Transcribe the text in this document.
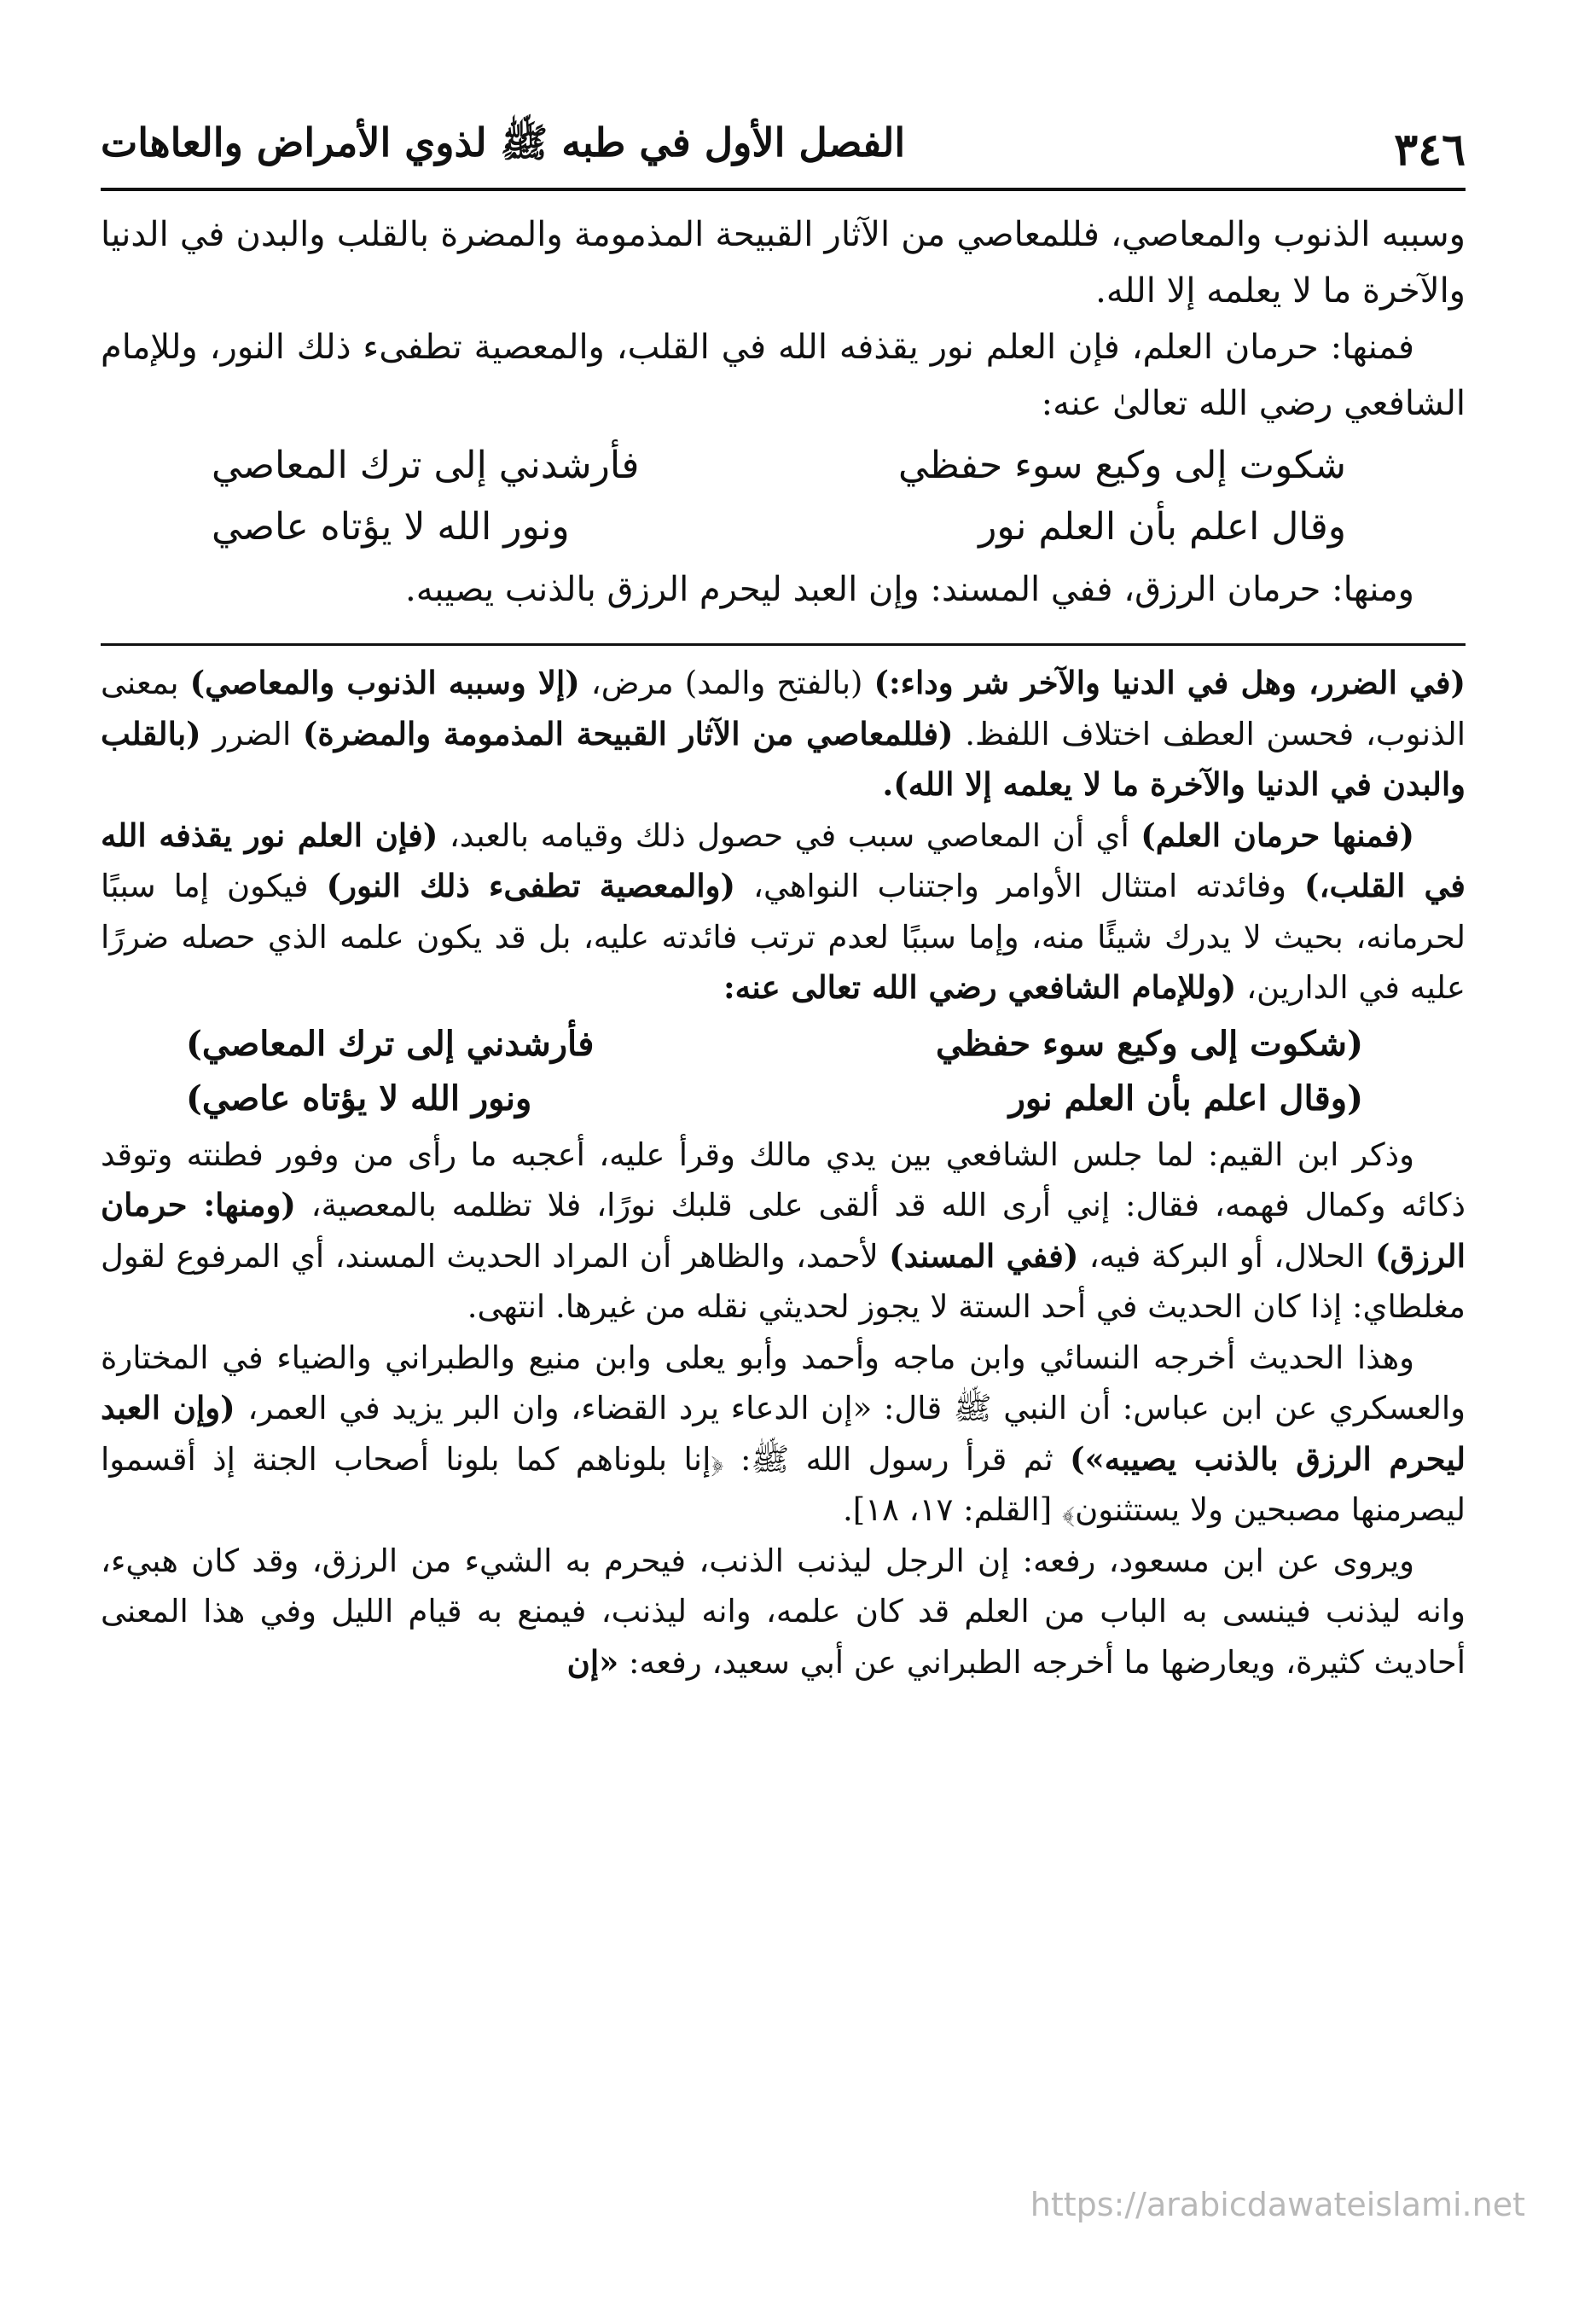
٣٤٦
الفصل الأول في طبه ﷺ لذوي الأمراض والعاهات

وسببه الذنوب والمعاصي، فللمعاصي من الآثار القبيحة المذمومة والمضرة بالقلب والبدن في الدنيا والآخرة ما لا يعلمه إلا الله.

فمنها: حرمان العلم، فإن العلم نور يقذفه الله في القلب، والمعصية تطفىء ذلك النور، وللإمام الشافعي رضي الله تعالىٰ عنه:

شكوت إلى وكيع سوء حفظي
فأرشدني إلى ترك المعاصي
وقال اعلم بأن العلم نور
ونور الله لا يؤتاه عاصي

ومنها: حرمان الرزق، ففي المسند: وإن العبد ليحرم الرزق بالذنب يصيبه.

(في الضرر، وهل في الدنيا والآخر شر وداء:) (بالفتح والمد) مرض، (إلا وسببه الذنوب والمعاصي) بمعنى الذنوب، فحسن العطف اختلاف اللفظ. (فللمعاصي من الآثار القبيحة المذمومة والمضرة) الضرر (بالقلب والبدن في الدنيا والآخرة ما لا يعلمه إلا الله).

(فمنها حرمان العلم) أي أن المعاصي سبب في حصول ذلك وقيامه بالعبد، (فإن العلم نور يقذفه الله في القلب،) وفائدته امتثال الأوامر واجتناب النواهي، (والمعصية تطفىء ذلك النور) فيكون إما سببًا لحرمانه، بحيث لا يدرك شيئًا منه، وإما سببًا لعدم ترتب فائدته عليه، بل قد يكون علمه الذي حصله ضررًا عليه في الدارين، (وللإمام الشافعي رضي الله تعالى عنه:

(شكوت إلى وكيع سوء حفظي
فأرشدني إلى ترك المعاصي)
(وقال اعلم بأن العلم نور
ونور الله لا يؤتاه عاصي)

وذكر ابن القيم: لما جلس الشافعي بين يدي مالك وقرأ عليه، أعجبه ما رأى من وفور فطنته وتوقد ذكائه وكمال فهمه، فقال: إني أرى الله قد ألقى على قلبك نورًا، فلا تظلمه بالمعصية، (ومنها: حرمان الرزق) الحلال، أو البركة فيه، (ففي المسند) لأحمد، والظاهر أن المراد الحديث المسند، أي المرفوع لقول مغلطاي: إذا كان الحديث في أحد الستة لا يجوز لحديثي نقله من غيرها. انتهى.

وهذا الحديث أخرجه النسائي وابن ماجه وأحمد وأبو يعلى وابن منيع والطبراني والضياء في المختارة والعسكري عن ابن عباس: أن النبي ﷺ قال: «إن الدعاء يرد القضاء، وان البر يزيد في العمر، (وإن العبد ليحرم الرزق بالذنب يصيبه») ثم قرأ رسول الله ﷺ: ﴿إنا بلوناهم كما بلونا أصحاب الجنة إذ أقسموا ليصرمنها مصبحين ولا يستثنون﴾ [القلم: ١٧، ١٨].

ويروى عن ابن مسعود، رفعه: إن الرجل ليذنب الذنب، فيحرم به الشيء من الرزق، وقد كان هبيء، وانه ليذنب فينسى به الباب من العلم قد كان علمه، وانه ليذنب، فيمنع به قيام الليل وفي هذا المعنى أحاديث كثيرة، ويعارضها ما أخرجه الطبراني عن أبي سعيد، رفعه: «إن

https://arabicdawateislami.net
